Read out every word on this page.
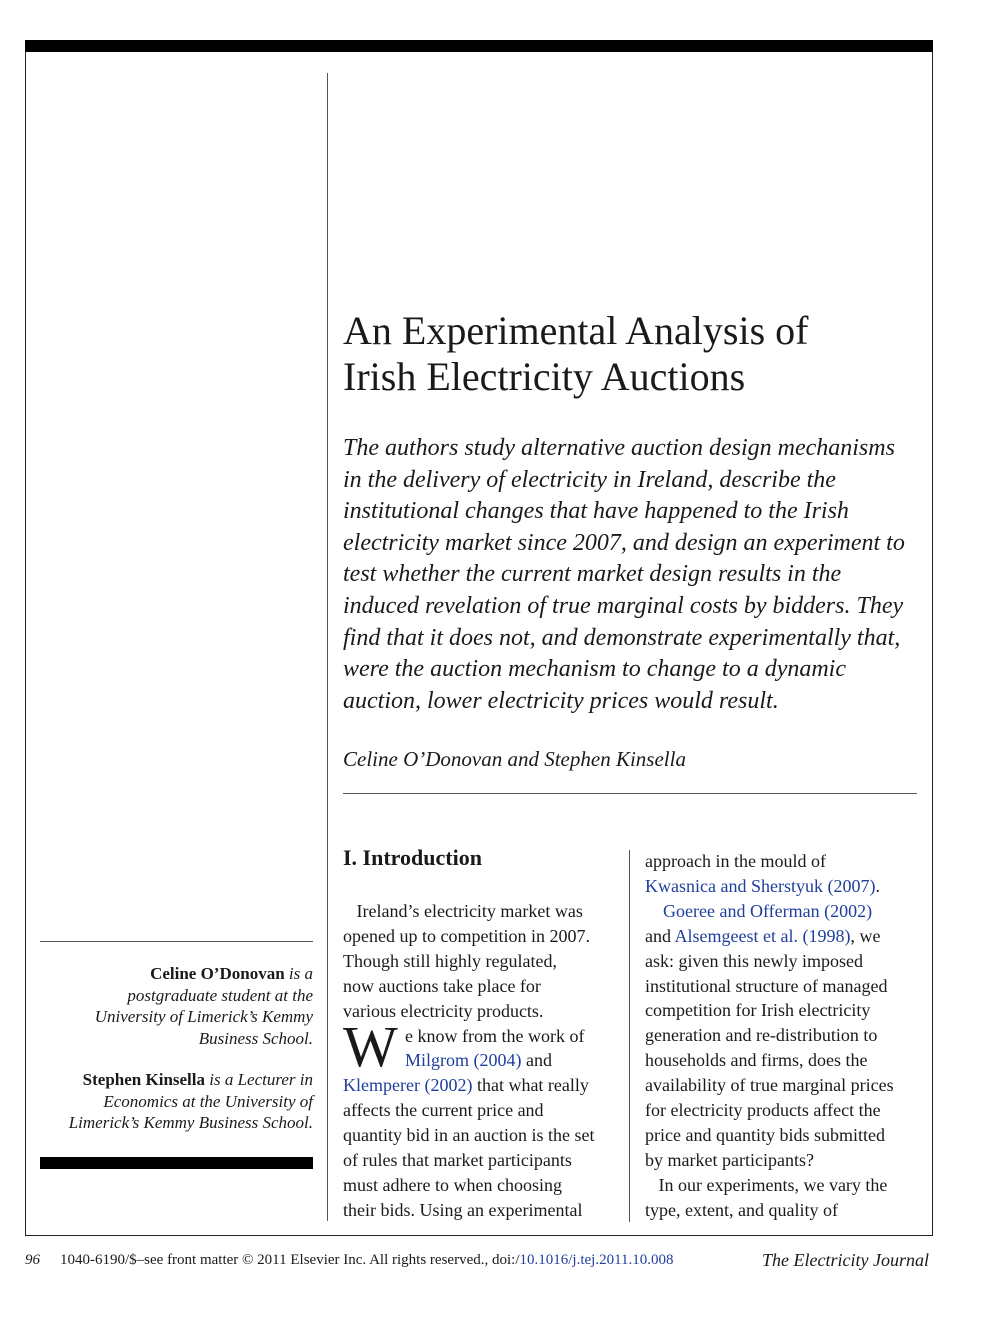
An Experimental Analysis of
Irish Electricity Auctions
The authors study alternative auction design mechanisms
in the delivery of electricity in Ireland, describe the
institutional changes that have happened to the Irish
electricity market since 2007, and design an experiment to
test whether the current market design results in the
induced revelation of true marginal costs by bidders. They
find that it does not, and demonstrate experimentally that,
were the auction mechanism to change to a dynamic
auction, lower electricity prices would result.
Celine O’Donovan and Stephen Kinsella
I. Introduction
Ireland’s electricity market was
opened up to competition in 2007.
Though still highly regulated,
now auctions take place for
various electricity products.
W e know from the work of
Milgrom (2004) and
Klemperer (2002) that what really
affects the current price and
quantity bid in an auction is the set
of rules that market participants
must adhere to when choosing
their bids. Using an experimental
approach in the mould of
Kwasnica and Sherstyuk (2007).
Goeree and Offerman (2002)
and Alsemgeest et al. (1998), we
ask: given this newly imposed
institutional structure of managed
competition for Irish electricity
generation and re-distribution to
households and firms, does the
availability of true marginal prices
for electricity products affect the
price and quantity bids submitted
by market participants?
In our experiments, we vary the
type, extent, and quality of
Celine O’Donovan is a
postgraduate student at the
University of Limerick’s Kemmy
Business School.
Stephen Kinsella is a Lecturer in
Economics at the University of
Limerick’s Kemmy Business School.
96 1040-6190/$–see front matter © 2011 Elsevier Inc. All rights reserved., doi:/10.1016/j.tej.2011.10.008	The Electricity Journal
